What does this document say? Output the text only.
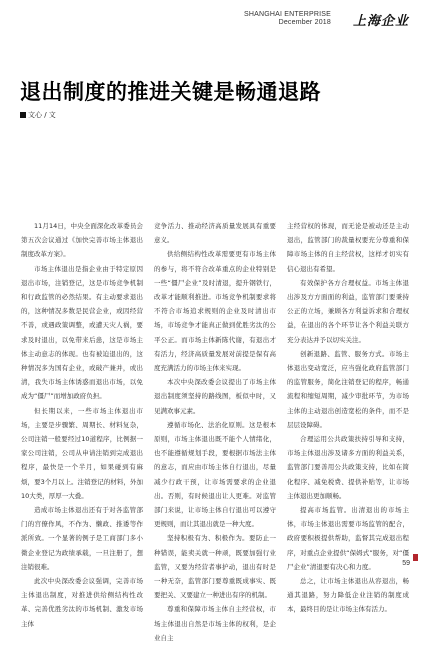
SHANGHAI ENTERPRISE
December 2018 上海企业
退出制度的推进关键是畅通退路
文心 / 文

11月14日，中央全面深化改革委员会第五次会议通过《加快完善市场主体退出制度改革方案》。

市场主体退出是指企业由于特定原因退出市场，注销登记，这是市场竞争机制和行政监管的必然结果。有主动要求退出的，这种情况多数是民营企业，或因经营不善，或遇政策调整，或遭天灾人祸，要求及时退出，以免带来后患，这是市场主体主动意志的体现。也有被迫退出的，这种情况多为国有企业，或破产兼并，或出清，我失市场主体诱惑而退出市场，以免成为“僵尸”而增加政府负担。

但长期以来，一些市场主体退出市场，主要是步骤繁、周期长、材料复杂，公司注销一般要经过10道程序，比例据一家公司注销，公司从申请注销到完成退出程序，最快是一个半月，如果碰到有麻烦，要3个月以上。注销登记的材料，外加10大类，厚厚一大叠。

造成市场主体退出还有于对各监管部门的宫僚作风，不作为、懒政、推诿等作派所致。一个显著的例子是工商部门多小微企业登记为政绩承载，一旦注册了，想注销很难。

此次中央深改委会议强调，完善市场主体退出制度，对推进供给侧结构性改革、完善优胜劣汰的市场机制、激发市场主体

竞争活力、推动经济高质量发展具有重要意义。

供给侧结构性改革需要更有市场主体的参与，将不符合改革重点的企业特别是一些“僵尸企业”及时清退，提升钢铁行，改革才能顺利推进。市场竞争机制要求将不符合市场追求规则的企业及时清出市场，市场竞争才能真正做到优胜劣汰的公平公正。而市场主体新陈代谢，有退出才有活力，经济高质量发展对前提是保有高度充满活力的市场主体来实现。

本次中央深改委会议提出了市场主体退出制度须坚持的路线图，板似中时，又见满欢事元素。

遵循市场化、法治化原则。这是根本原则，市场主体退出既不能个人情绪化，也不能遵循规划手段，要根据市场法主体的意志，而应由市场主体自行退出，尽量减少行政干预，让市场需要求的企业退出。否则，有时候退出让人更难。对监管部门来说，让市场主体自行退出可以遵守更规则，而让其退出就是一种大度。

坚持积极有为、积极作为。要防止一种错误，能卖关就一种顽，既要加强行业监管，又要为经营者事护动，退出有时是一种无奈，监管部门要尊重既成事实、既要把关、又要建立一种进出有序的机制。

尊重和保障市场主体自主经营权，市场主体退出自然是市场主体的权利，是企业自主

主经营权的体现，而无论是被动还是主动退出，监管部门的裁量权要充分尊重和保障市场主体的自主经营权，这样才切实有信心退出有希望。

有效保护各方合理权益。市场主体退出涉及方方面面的利益，监管部门要秉持公正的立场，兼顾各方利益诉求和合理权益，在退出的各个环节让各个利益关联方充分表达并予以切实关注。

创新退路、监管、服务方式。市场主体退出变动宽泛，应当强化政府监管部门的监管服务，简化注销登记的程序，畅通流程和缩短周期，减少审批环节，为市场主体的主动退出创造宽松的条件，而不是层层设障碍。

合理运用公共政策扶持引导和支持，市场主体退出涉及诸多方面的利益关系，监管部门要善用公共政策支持，比如在简化程序、减免税费、提供补贴等，让市场主体退出更加顺畅。

提高市场监管。出清退出的市场主体，市场主体退出需要市场监管的配合，政府要积极提供帮助，监督其完成退出程序，对重点企业提供“保姆式”服务，对“僵尸企业”清退要有决心和力度。

总之，让市场主体退出从容退出，畅通其退路，努力降低企业注销的制度成本，最终目的是让市场主体有活力。

59
